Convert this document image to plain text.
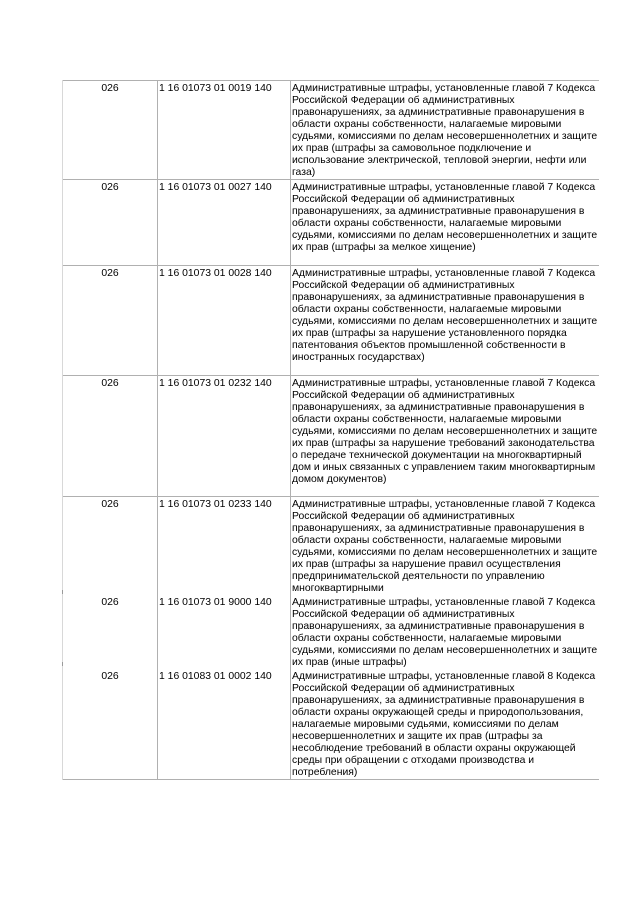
026	1 16 01073 01 0019 140	Административные штрафы, установленные главой 7 Кодекса Российской Федерации об административных правонарушениях, за административные правонарушения в области охраны собственности, налагаемые мировыми судьями, комиссиями по делам несовершеннолетних и защите их прав (штрафы за самовольное подключение и использование электрической, тепловой энергии, нефти или газа)
026	1 16 01073 01 0027 140	Административные штрафы, установленные главой 7 Кодекса Российской Федерации об административных правонарушениях, за административные правонарушения в области охраны собственности, налагаемые мировыми судьями, комиссиями по делам несовершеннолетних и защите их прав (штрафы за мелкое хищение)
026	1 16 01073 01 0028 140	Административные штрафы, установленные главой 7 Кодекса Российской Федерации об административных правонарушениях, за административные правонарушения в области охраны собственности, налагаемые мировыми судьями, комиссиями по делам несовершеннолетних и защите их прав (штрафы за нарушение установленного порядка патентования объектов промышленной собственности в иностранных государствах)
026	1 16 01073 01 0232 140	Административные штрафы, установленные главой 7 Кодекса Российской Федерации об административных правонарушениях, за административные правонарушения в области охраны собственности, налагаемые мировыми судьями, комиссиями по делам несовершеннолетних и защите их прав (штрафы за нарушение требований законодательства о передаче технической документации на многоквартирный дом и иных связанных с управлением таким многоквартирным домом документов)
026	1 16 01073 01 0233 140	Административные штрафы, установленные главой 7 Кодекса Российской Федерации об административных правонарушениях, за административные правонарушения в области охраны собственности, налагаемые мировыми судьями, комиссиями по делам несовершеннолетних и защите их прав (штрафы за нарушение правил осуществления предпринимательской деятельности по управлению многоквартирными
026	1 16 01073 01 9000 140	Административные штрафы, установленные главой 7 Кодекса Российской Федерации об административных правонарушениях, за административные правонарушения в области охраны собственности, налагаемые мировыми судьями, комиссиями по делам несовершеннолетних и защите их прав (иные штрафы)
026	1 16 01083 01 0002 140	Административные штрафы, установленные главой 8 Кодекса Российской Федерации об административных правонарушениях, за административные правонарушения в области охраны окружающей среды и природопользования, налагаемые мировыми судьями, комиссиями по делам несовершеннолетних и защите их прав (штрафы за несоблюдение требований в области охраны окружающей среды при обращении с отходами производства и потребления)
